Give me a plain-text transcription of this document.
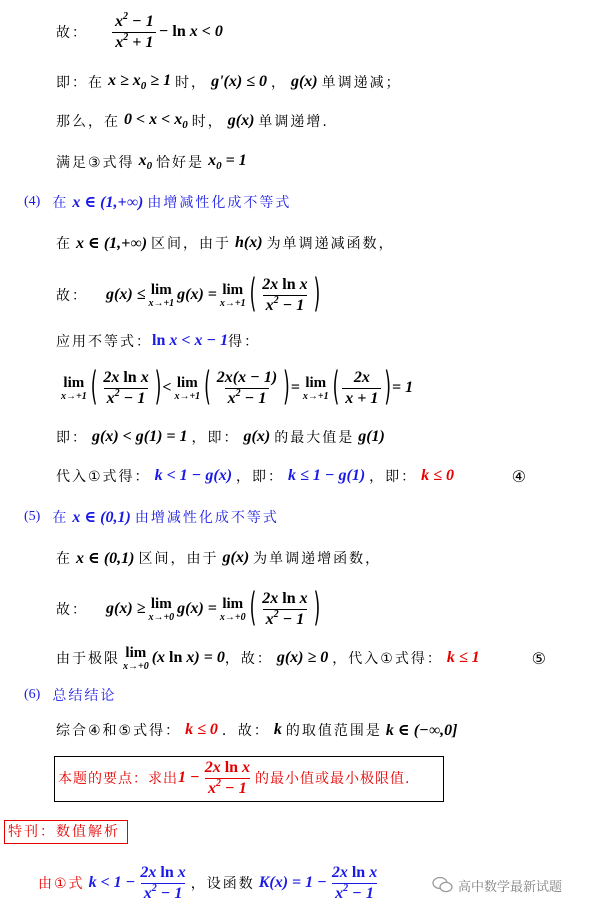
故： $\frac{x^2 - 1}{x^2 + 1} - \ln x < 0$
即：在 $x \ge x_0 \ge 1$ 时， g'(x) ≤ 0 ， g(x) 单调递减；
那么，在 $0 < x < x_0$ 时， g(x) 单调递增.
满足③式得 $x_0$ 恰好是 $x_0 = 1$
(4) 在 x ∈ (1,+∞) 由增减性化成不等式
在 x ∈ (1,+∞) 区间，由于 h(x) 为单调递减函数，
故： g(x) ≤ lim
x→+1 g(x) = lim
x→+1 ( $\frac{\text{2x ln x}}{x^2 - 1}$ )
应用不等式： ln x < x − 1 得：
lim
x→+1 ( $\frac{\text{2x ln x}}{x^2 - 1}$ ) < lim
x→+1 ( $\frac{2x(x - 1)}{x^2 - 1}$ ) = lim
x→+1 ( $\frac{2x}{x + 1}$ ) = 1
即： g(x) < g(1) = 1 ，即： g(x) 的最大值是 g(1)
代入①式得： k < 1 − g(x) ，即： k ≤ 1 − g(1) ，即： k ≤ 0	④
(5) 在 x ∈ (0,1) 由增减性化成不等式
在 x ∈ (0,1) 区间，由于 g(x) 为单调递增函数，
故： g(x) ≥ lim
x→+0 g(x) = lim
x→+0 ( $\frac{\text{2x ln x}}{x^2 - 1}$ )
由于极限 lim
x→+0 (x ln x) = 0 ，故： g(x) ≥ 0 ，代入①式得： k ≤ 1	⑤
(6) 总结结论
综合④和⑤式得： k ≤ 0 ．故： k 的取值范围是 k ∈ (−∞,0]
本题的要点：求出 $1 - \frac{\text{2x ln x}}{x^2 - 1}$ 的最小值或最小极限值.
特刊：数值解析
由①式 $k < 1 - \frac{\text{2x ln x}}{x^2 - 1}$ ，设函数 $K(x) = 1 - \frac{\text{2x ln x}}{x^2 - 1}$	高中数学最新试题
